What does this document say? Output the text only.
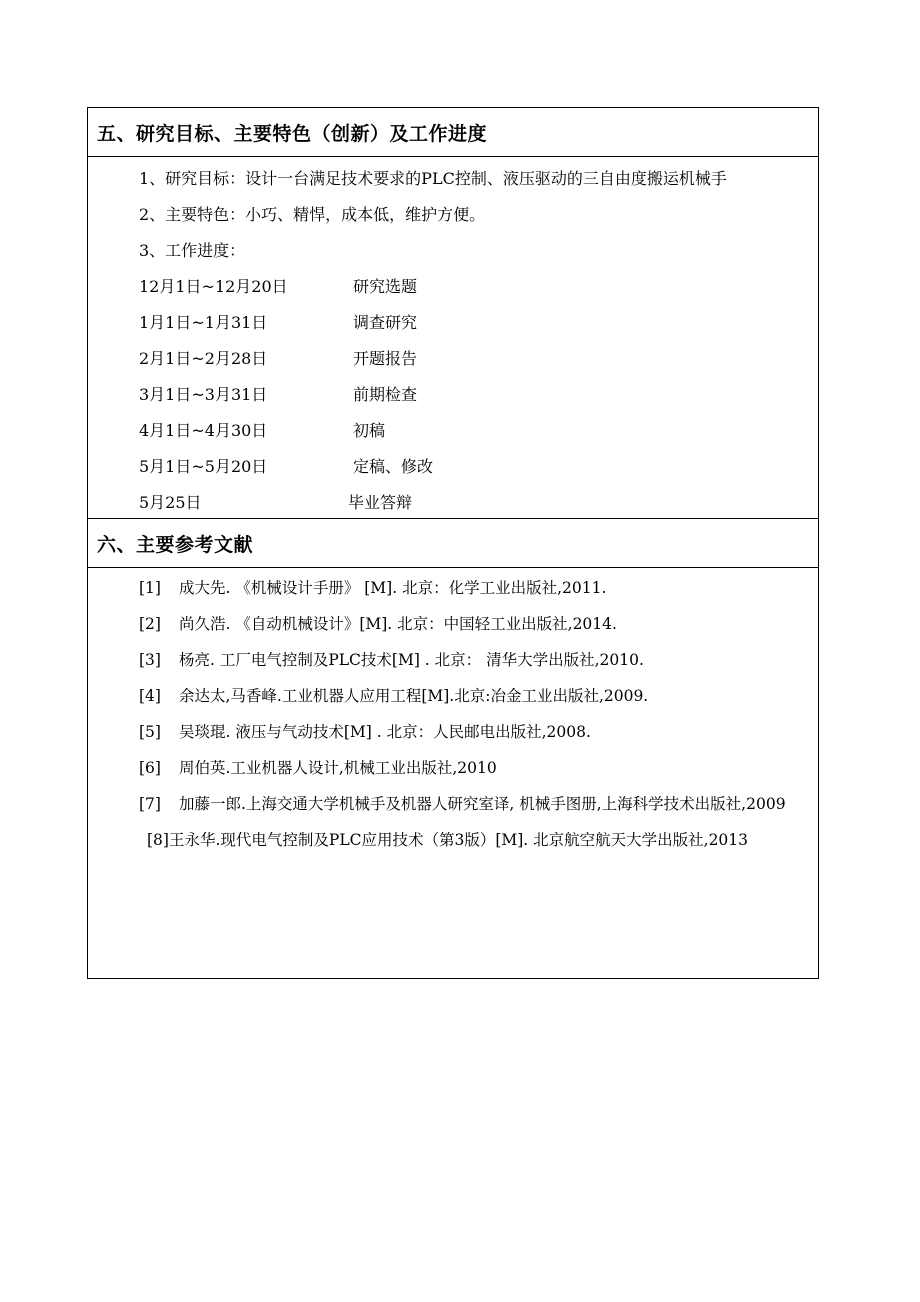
五、研究目标、主要特色（创新）及工作进度
1、研究目标：设计一台满足技术要求的PLC控制、液压驱动的三自由度搬运机械手
2、主要特色：小巧、精悍，成本低，维护方便。
3、工作进度：
12月1日~12月20日	研究选题
1月1日~1月31日	调查研究
2月1日~2月28日	开题报告
3月1日~3月31日	前期检查
4月1日~4月30日	初稿
5月1日~5月20日	定稿、修改
5月25日	毕业答辩
六、主要参考文献
[1] 成大先. 《机械设计手册》 [M]. 北京：化学工业出版社,2011.
[2] 尚久浩. 《自动机械设计》[M]. 北京：中国轻工业出版社,2014.
[3] 杨亮. 工厂电气控制及PLC技术[M] . 北京： 清华大学出版社,2010.
[4] 余达太,马香峰.工业机器人应用工程[M].北京:冶金工业出版社,2009.
[5] 吴琰琨. 液压与气动技术[M] . 北京：人民邮电出版社,2008.
[6] 周伯英.工业机器人设计,机械工业出版社,2010
[7] 加藤一郎.上海交通大学机械手及机器人研究室译, 机械手图册,上海科学技术出版社,2009
[8]王永华.现代电气控制及PLC应用技术（第3版）[M]. 北京航空航天大学出版社,2013
